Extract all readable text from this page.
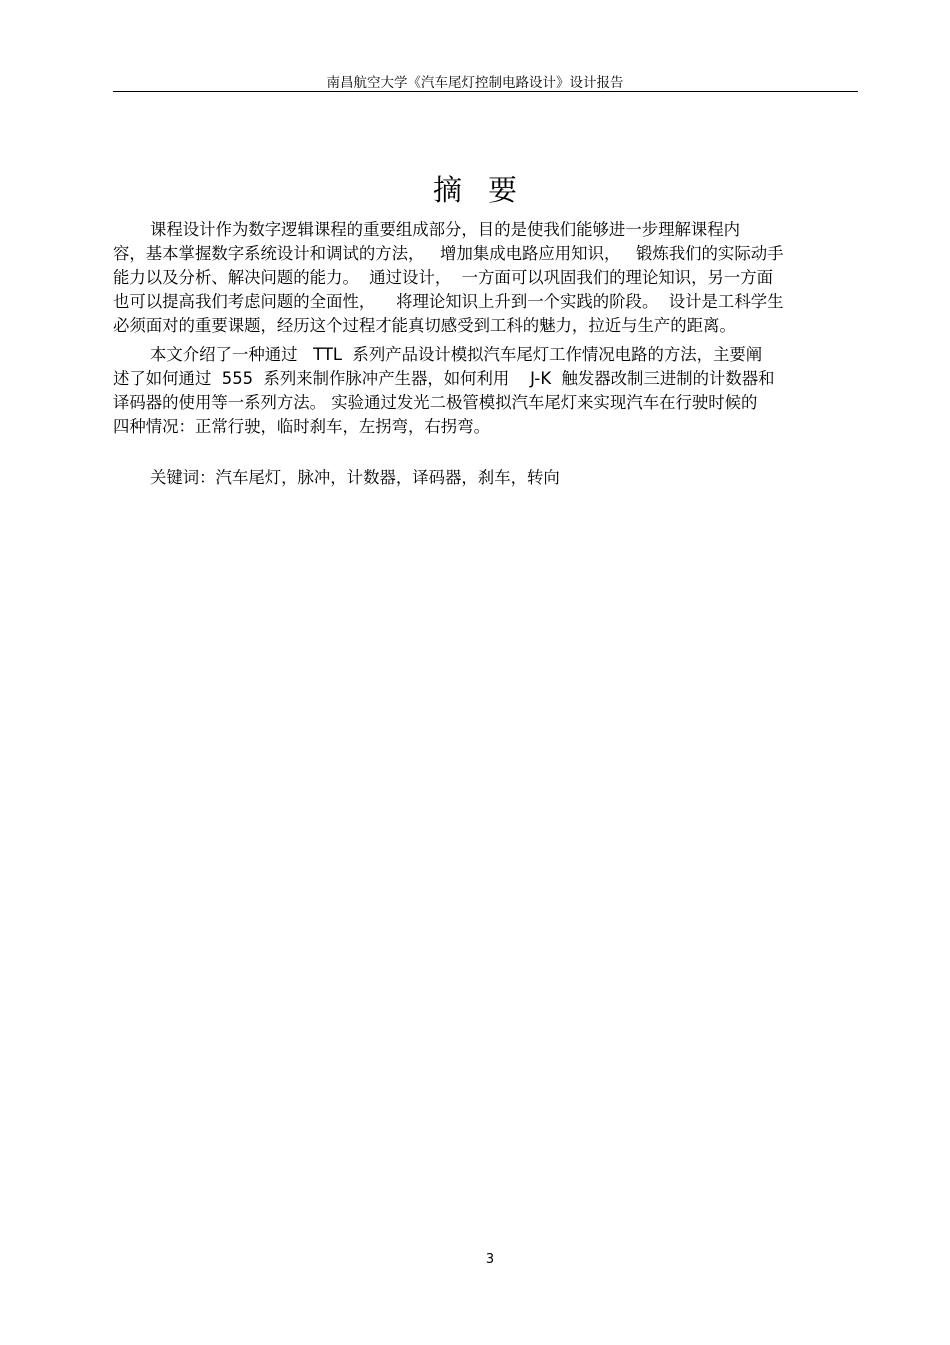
南昌航空大学《汽车尾灯控制电路设计》设计报告
摘要
课程设计作为数字逻辑课程的重要组成部分，目的是使我们能够进一步理解课程内
容，基本掌握数字系统设计和调试的方法，   增加集成电路应用知识，   锻炼我们的实际动手
能力以及分析、解决问题的能力。  通过设计，  一方面可以巩固我们的理论知识，另一方面
也可以提高我们考虑问题的全面性，    将理论知识上升到一个实践的阶段。  设计是工科学生
必须面对的重要课题，经历这个过程才能真切感受到工科的魅力，拉近与生产的距离。
本文介绍了一种通过   TTL  系列产品设计模拟汽车尾灯工作情况电路的方法，主要阐
述了如何通过  555  系列来制作脉冲产生器，如何利用    J-K  触发器改制三进制的计数器和
译码器的使用等一系列方法。 实验通过发光二极管模拟汽车尾灯来实现汽车在行驶时候的
四种情况：正常行驶，临时刹车，左拐弯，右拐弯。
关键词：汽车尾灯，脉冲，计数器，译码器，刹车，转向
3
